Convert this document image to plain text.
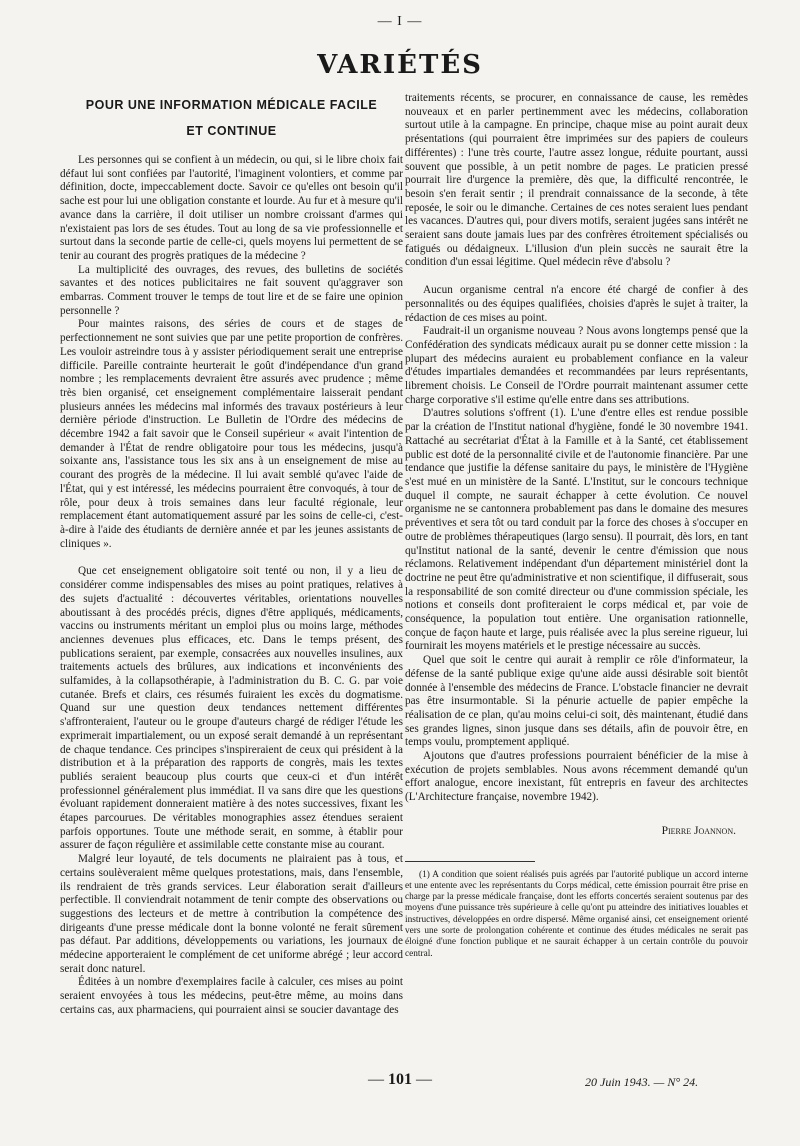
— I —
VARIÉTÉS
POUR UNE INFORMATION MÉDICALE FACILE
ET CONTINUE

Les personnes qui se confient à un médecin, ou qui, si le libre choix fait défaut lui sont confiées par l'autorité, l'imaginent volontiers, et comme par définition, docte, impeccablement docte. Savoir ce qu'elles ont besoin qu'il sache est pour lui une obligation constante et lourde. Au fur et à mesure qu'il avance dans la carrière, il doit utiliser un nombre croissant d'armes qui n'existaient pas lors de ses études. Tout au long de sa vie professionnelle et surtout dans la seconde partie de celle-ci, quels moyens lui permettent de se tenir au courant des progrès pratiques de la médecine ?

La multiplicité des ouvrages, des revues, des bulletins de sociétés savantes et des notices publicitaires ne fait souvent qu'aggraver son embarras. Comment trouver le temps de tout lire et de se faire une opinion personnelle ?

Pour maintes raisons, des séries de cours et de stages de perfectionnement ne sont suivies que par une petite proportion de confrères. Les vouloir astreindre tous à y assister périodiquement serait une entreprise difficile. Pareille contrainte heurterait le goût d'indépendance d'un grand nombre ; les remplacements devraient être assurés avec prudence ; même très bien organisé, cet enseignement complémentaire laisserait pendant plusieurs années les médecins mal informés des travaux postérieurs à leur dernière période d'instruction. Le Bulletin de l'Ordre des médecins de décembre 1942 a fait savoir que le Conseil supérieur « avait l'intention de demander à l'État de rendre obligatoire pour tous les médecins, jusqu'à soixante ans, l'assistance tous les six ans à un enseignement de mise au courant des progrès de la médecine. Il lui avait semblé qu'avec l'aide de l'État, qui y est intéressé, les médecins pourraient être convoqués, à tour de rôle, pour deux à trois semaines dans leur faculté régionale, leur remplacement étant automatiquement assuré par les soins de celle-ci, c'est-à-dire à l'aide des étudiants de dernière année et par les jeunes assistants de cliniques ».

Que cet enseignement obligatoire soit tenté ou non, il y a lieu de considérer comme indispensables des mises au point pratiques, relatives à des sujets d'actualité : découvertes véritables, orientations nouvelles aboutissant à des procédés précis, dignes d'être appliqués, médicaments, vaccins ou instruments méritant un emploi plus ou moins large, méthodes anciennes devenues plus efficaces, etc. Dans le temps présent, des publications seraient, par exemple, consacrées aux nouvelles insulines, aux traitements actuels des brûlures, aux indications et inconvénients des sulfamides, à la collapsothérapie, à l'administration du B. C. G. par voie cutanée. Brefs et clairs, ces résumés fuiraient les excès du dogmatisme. Quand sur une question deux tendances nettement différentes s'affronteraient, l'auteur ou le groupe d'auteurs chargé de rédiger l'étude les exprimerait impartialement, ou un exposé serait demandé à un représentant de chaque tendance. Ces principes s'inspireraient de ceux qui président à la distribution et à la préparation des rapports de congrès, mais les textes publiés seraient beaucoup plus courts que ceux-ci et d'un intérêt professionnel généralement plus immédiat. Il va sans dire que les questions évoluant rapidement donneraient matière à des notes successives, fixant les étapes parcourues. De véritables monographies assez étendues seraient parfois opportunes. Toute une méthode serait, en somme, à établir pour assurer de façon régulière et assimilable cette constante mise au courant.

Malgré leur loyauté, de tels documents ne plairaient pas à tous, et certains soulèveraient même quelques protestations, mais, dans l'ensemble, ils rendraient de très grands services. Leur élaboration serait d'ailleurs perfectible. Il conviendrait notamment de tenir compte des observations ou suggestions des lecteurs et de mettre à contribution la compétence des dirigeants d'une presse médicale dont la bonne volonté ne ferait sûrement pas défaut. Par additions, développements ou variations, les journaux de médecine apporteraient le complément de cet uniforme abrégé ; leur accord serait donc naturel.

Éditées à un nombre d'exemplaires facile à calculer, ces mises au point seraient envoyées à tous les médecins, peut-être même, au moins dans certains cas, aux pharmaciens, qui pourraient ainsi se soucier davantage des

traitements récents, se procurer, en connaissance de cause, les remèdes nouveaux et en parler pertinemment avec les médecins, collaboration surtout utile à la campagne. En principe, chaque mise au point aurait deux présentations (qui pourraient être imprimées sur des papiers de couleurs différentes) : l'une très courte, l'autre assez longue, réduite pourtant, aussi souvent que possible, à un petit nombre de pages. Le praticien pressé pourrait lire d'urgence la première, dès que, la difficulté rencontrée, le besoin s'en ferait sentir ; il prendrait connaissance de la seconde, à tête reposée, le soir ou le dimanche. Certaines de ces notes seraient lues pendant les vacances. D'autres qui, pour divers motifs, seraient jugées sans intérêt ne seraient sans doute jamais lues par des confrères étroitement spécialisés ou fatigués ou dédaigneux. L'illusion d'un plein succès ne saurait être la condition d'un essai légitime. Quel médecin rêve d'absolu ?

Aucun organisme central n'a encore été chargé de confier à des personnalités ou des équipes qualifiées, choisies d'après le sujet à traiter, la rédaction de ces mises au point.

Faudrait-il un organisme nouveau ? Nous avons longtemps pensé que la Confédération des syndicats médicaux aurait pu se donner cette mission : la plupart des médecins auraient eu probablement confiance en la valeur d'études impartiales demandées et recommandées par leurs représentants, librement choisis. Le Conseil de l'Ordre pourrait maintenant assumer cette charge corporative s'il estime qu'elle entre dans ses attributions.

D'autres solutions s'offrent (1). L'une d'entre elles est rendue possible par la création de l'Institut national d'hygiène, fondé le 30 novembre 1941. Rattaché au secrétariat d'État à la Famille et à la Santé, cet établissement public est doté de la personnalité civile et de l'autonomie financière. Par une tendance que justifie la défense sanitaire du pays, le ministère de l'Hygiène s'est mué en un ministère de la Santé. L'Institut, sur le concours technique duquel il compte, ne saurait échapper à cette évolution. Ce nouvel organisme ne se cantonnera probablement pas dans le domaine des mesures préventives et sera tôt ou tard conduit par la force des choses à s'occuper en outre de problèmes thérapeutiques (largo sensu). Il pourrait, dès lors, en tant qu'Institut national de la santé, devenir le centre d'émission que nous réclamons. Relativement indépendant d'un département ministériel dont la doctrine ne peut être qu'administrative et non scientifique, il diffuserait, sous la responsabilité de son comité directeur ou d'une commission spéciale, les notions et conseils dont profiteraient le corps médical et, par voie de conséquence, la population tout entière. Une organisation rationnelle, conçue de façon haute et large, puis réalisée avec la plus sereine rigueur, lui fournirait les moyens matériels et le prestige nécessaire au succès.

Quel que soit le centre qui aurait à remplir ce rôle d'informateur, la défense de la santé publique exige qu'une aide aussi désirable soit bientôt donnée à l'ensemble des médecins de France. L'obstacle financier ne devrait pas être insurmontable. Si la pénurie actuelle de papier empêche la réalisation de ce plan, qu'au moins celui-ci soit, dès maintenant, étudié dans ses grandes lignes, sinon jusque dans ses détails, afin de pouvoir être, en temps voulu, promptement appliqué.

Ajoutons que d'autres professions pourraient bénéficier de la mise à exécution de projets semblables. Nous avons récemment demandé qu'un effort analogue, encore inexistant, fût entrepris en faveur des architectes (L'Architecture française, novembre 1942).

Pierre Joannon.
(1) A condition que soient réalisés puis agréés par l'autorité publique un accord interne et une entente avec les représentants du Corps médical, cette émission pourrait être prise en charge par la presse médicale française, dont les efforts concertés seraient soutenus par des moyens d'une puissance très supérieure à celle qu'ont pu atteindre des initiatives louables et instructives, développées en ordre dispersé. Même organisé ainsi, cet enseignement orienté vers une sorte de prolongation cohérente et continue des études médicales ne serait pas éloigné d'une fonction publique et ne saurait échapper à un certain contrôle du pouvoir central.
— 101 —	20 Juin 1943. — N° 24.
